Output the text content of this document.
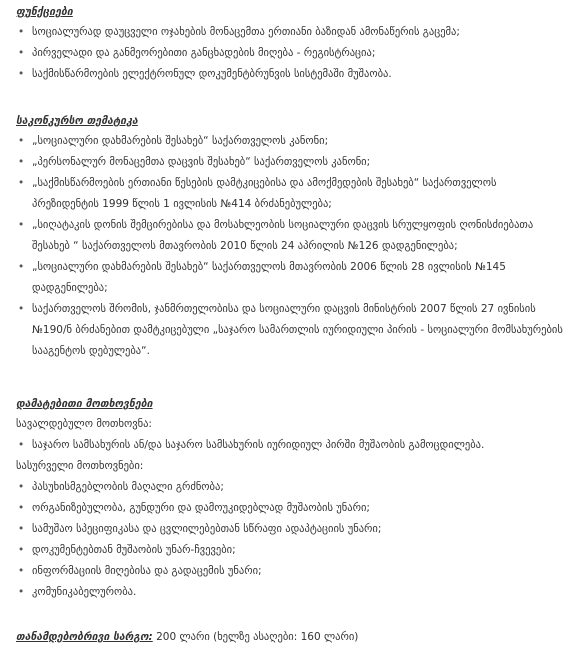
ფუნქციები
• სოციალურად დაუცველი ოჯახების მონაცემთა ერთიანი ბაზიდან ამონაწერის გაცემა;
• პირველადი და განმეორებითი განცხადების მიღება - რეგისტრაცია;
• საქმისწარმოების ელექტრონულ დოკუმენტბრუნვის სისტემაში მუშაობა.
საკონკურსო თემატიკა
• „სოციალური დახმარების შესახებ“ საქართველოს კანონი;
• „პერსონალურ მონაცემთა დაცვის შესახებ“ საქართველოს კანონი;
• „საქმისწარმოების ერთიანი წესების დამტკიცებისა და ამოქმედების შესახებ“ საქართველოს პრეზიდენტის 1999 წლის 1 ივლისის №414 ბრძანებულება;
• „სიღატაკის დონის შემცირებისა და მოსახლეობის სოციალური დაცვის სრულყოფის ღონისძიებათა შესახებ “ საქართველოს მთავრობის 2010 წლის 24 აპრილის №126 დადგენილება;
• „სოციალური დახმარების შესახებ“ საქართველოს მთავრობის 2006 წლის 28 ივლისის №145 დადგენილება;
• საქართველოს შრომის, ჯანმრთელობისა და სოციალური დაცვის მინისტრის 2007 წლის 27 ივნისის №190/ნ ბრძანებით დამტკიცებული „საჯარო სამართლის იურიდიული პირის - სოციალური მომსახურების სააგენტოს დებულება“.
დამატებითი მოთხოვნები

სავალდებულო მოთხოვნა:

• საჯარო სამსახურის ან/და საჯარო სამსახურის იურიდიულ პირში მუშაობის გამოცდილება.

სასურველი მოთხოვნები:

• პასუხისმგებლობის მაღალი გრძნობა;
• ორგანიზებულობა, გუნდური და დამოუკიდებლად მუშაობის უნარი;
• სამუშაო სპეციფიკასა და ცვლილებებთან სწრაფი ადაპტაციის უნარი;
• დოკუმენტებთან მუშაობის უნარ-ჩვევები;
• ინფორმაციის მიღებისა და გადაცემის უნარი;
• კომუნიკაბელურობა.
თანამდებობრივი სარგო: 200 ლარი (ხელზე ასაღები: 160 ლარი)
